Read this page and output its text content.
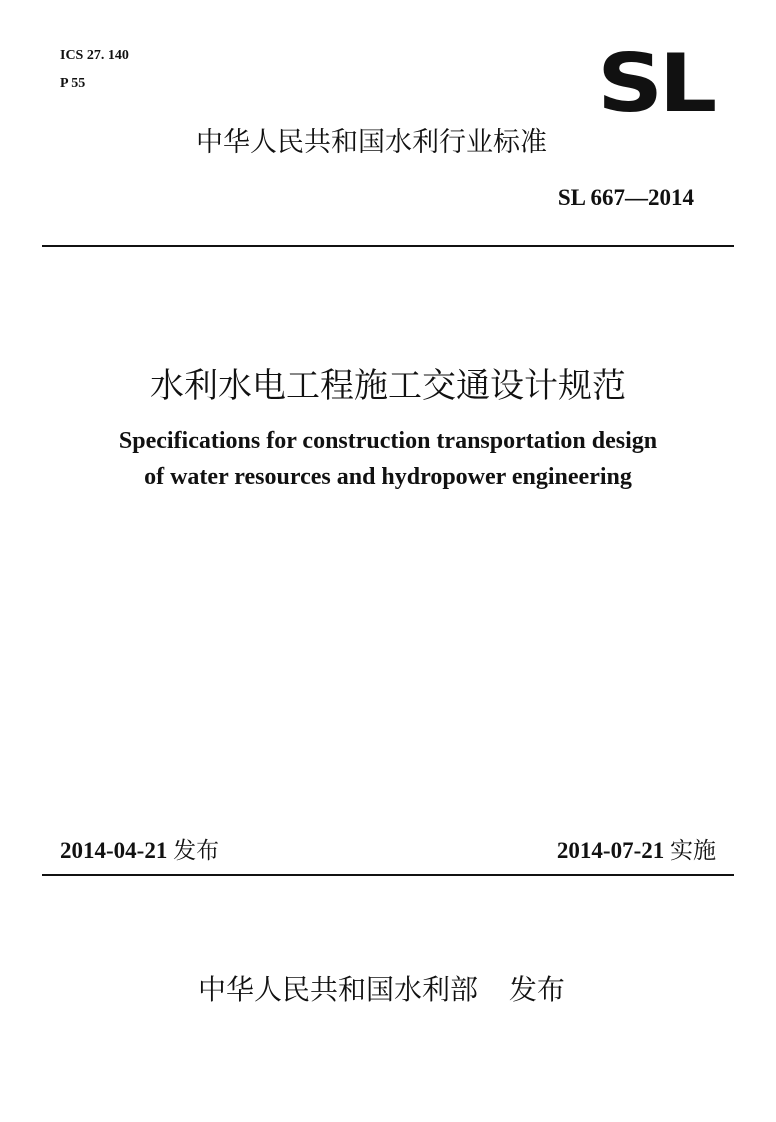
ICS 27. 140
P 55	SL
中华人民共和国水利行业标准
SL 667—2014
水利水电工程施工交通设计规范
Specifications for construction transportation design
of water resources and hydropower engineering
2014-04-21 发布	2014-07-21 实施
中华人民共和国水利部 发布
